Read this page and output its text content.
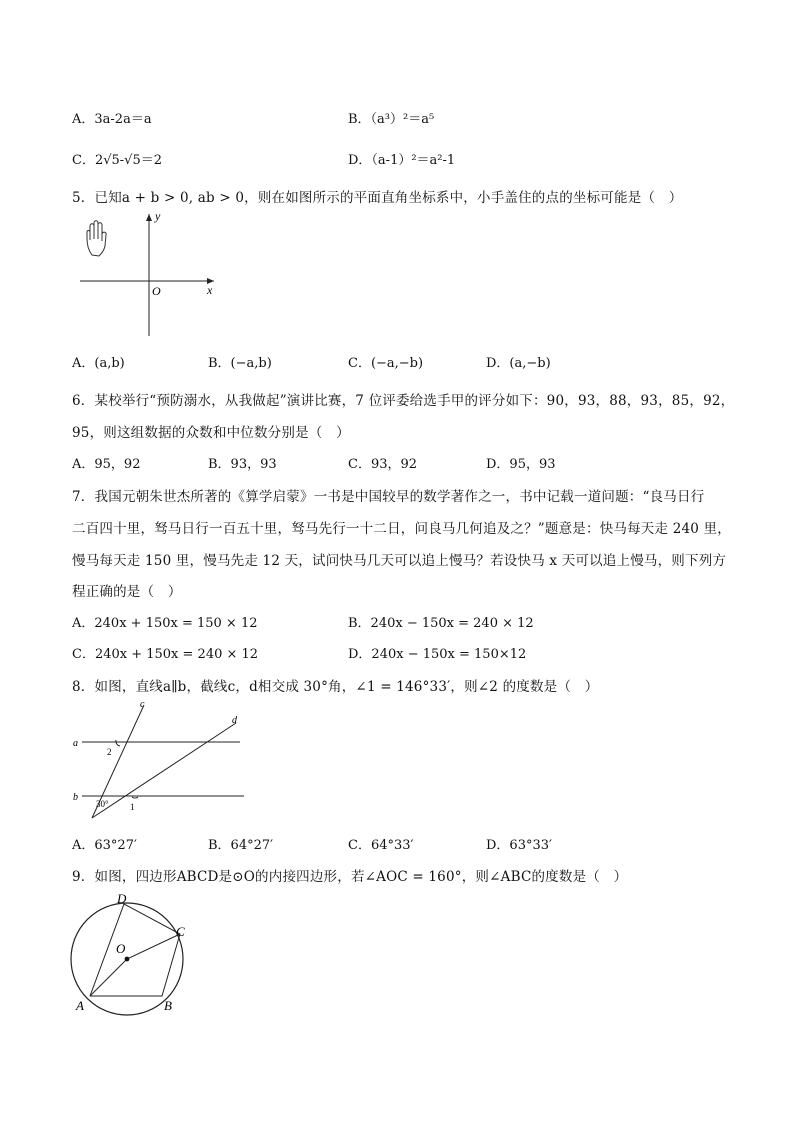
A．3a-2a＝a	B．（a³）²＝a⁵
C．2√5-√5＝2	D．（a-1）²＝a²-1
5．已知a + b > 0, ab > 0，则在如图所示的平面直角坐标系中，小手盖住的点的坐标可能是（　）
y
x
O
A．(a,b)	B．(−a,b)	C．(−a,−b)	D．(a,−b)
6．某校举行“预防溺水，从我做起”演讲比赛，7 位评委给选手甲的评分如下：90，93，88，93，85，92，
95，则这组数据的众数和中位数分别是（　）
A．95，92	B．93，93	C．93，92	D．95，93
7．我国元朝朱世杰所著的《算学启蒙》一书是中国较早的数学著作之一，书中记载一道问题：“良马日行
二百四十里，驽马日行一百五十里，驽马先行一十二日，问良马几何追及之？”题意是：快马每天走 240 里，
慢马每天走 150 里，慢马先走 12 天，试问快马几天可以追上慢马？若设快马 x 天可以追上慢马，则下列方
程正确的是（　）
A．240x + 150x = 150 × 12	B．240x − 150x = 240 × 12
C．240x + 150x = 240 × 12	D．240x − 150x = 150×12
8．如图，直线a∥b，截线c，d相交成 30°角，∠1 = 146°33′，则∠2 的度数是（　）
a
b
c
d
2
1
30°
A．63°27′	B．64°27′	C．64°33′	D．63°33′
9．如图，四边形ABCD是⊙O的内接四边形，若∠AOC = 160°，则∠ABC的度数是（　）
D
C
O
A	B
